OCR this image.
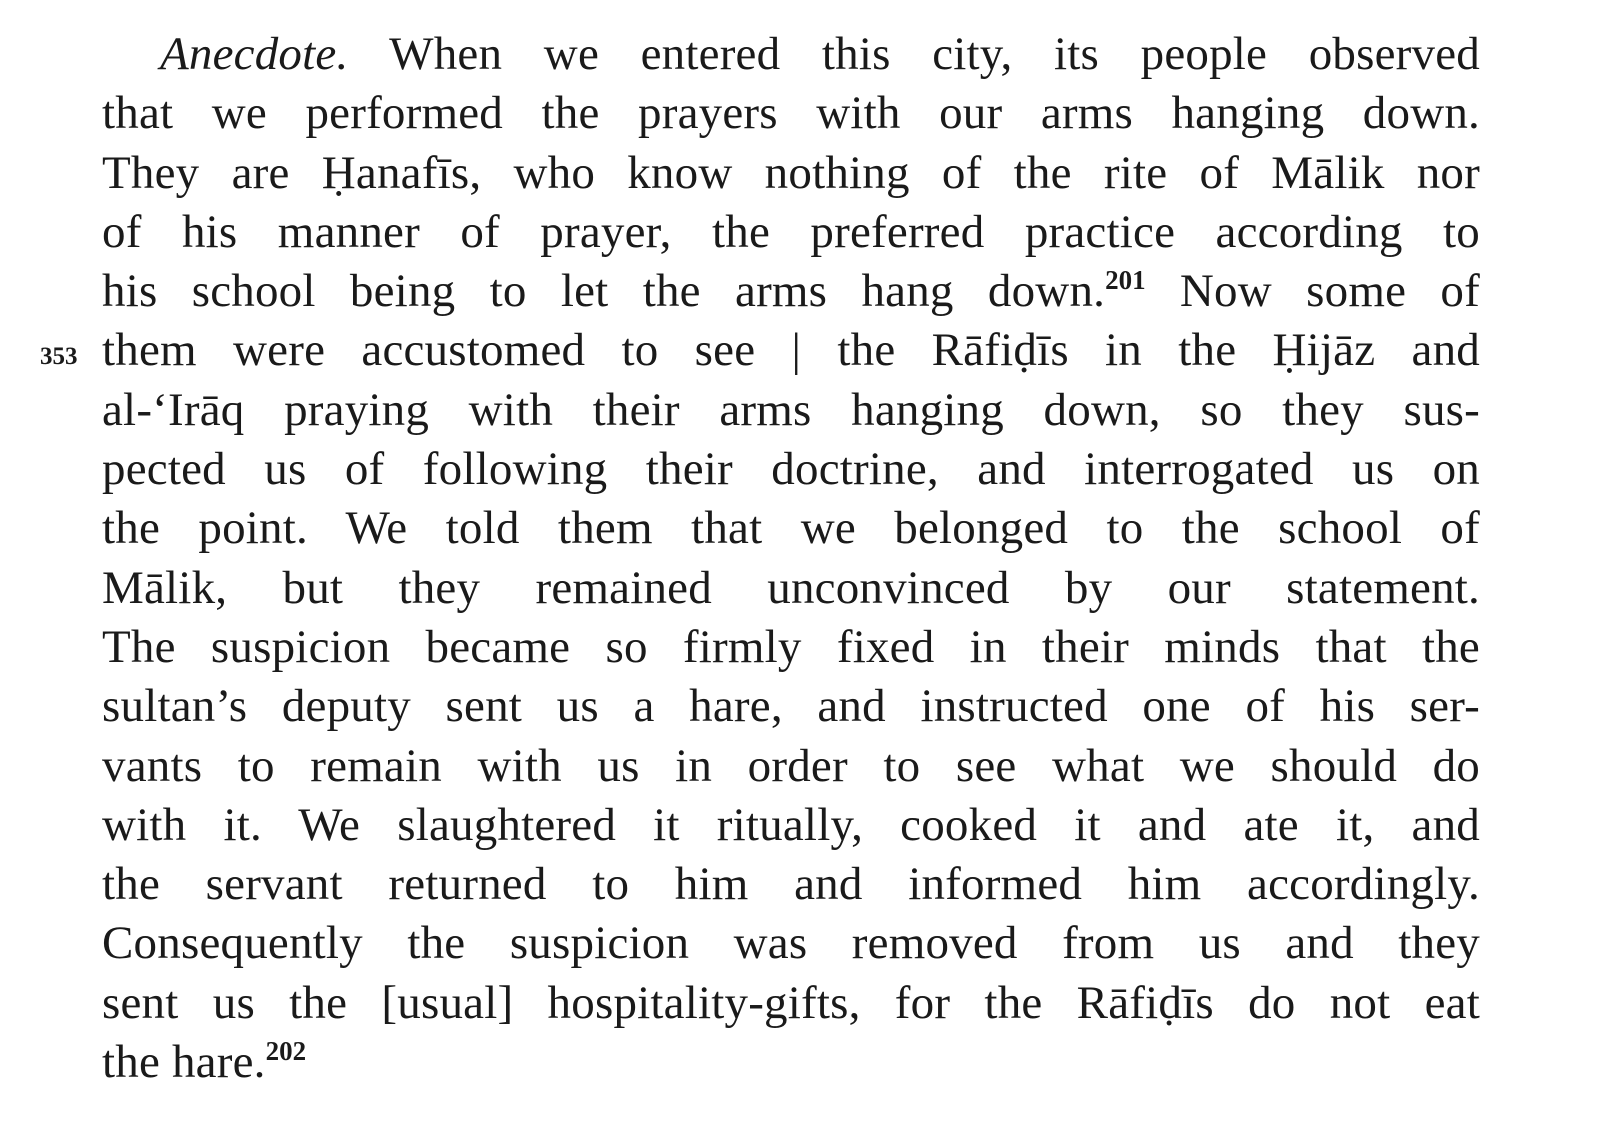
353
Anecdote. When we entered this city, its people observed
that we performed the prayers with our arms hanging down.
They are Ḥanafīs, who know nothing of the rite of Mālik nor
of his manner of prayer, the preferred practice according to
his school being to let the arms hang down.$^{201}$ Now some of
them were accustomed to see | the Rāfiḍīs in the Ḥijāz and
al-‘Irāq praying with their arms hanging down, so they sus-
pected us of following their doctrine, and interrogated us on
the point. We told them that we belonged to the school of
Mālik, but they remained unconvinced by our statement.
The suspicion became so firmly fixed in their minds that the
sultan’s deputy sent us a hare, and instructed one of his ser-
vants to remain with us in order to see what we should do
with it. We slaughtered it ritually, cooked it and ate it, and
the servant returned to him and informed him accordingly.
Consequently the suspicion was removed from us and they
sent us the [usual] hospitality-gifts, for the Rāfiḍīs do not eat
the hare.$^{202}$
